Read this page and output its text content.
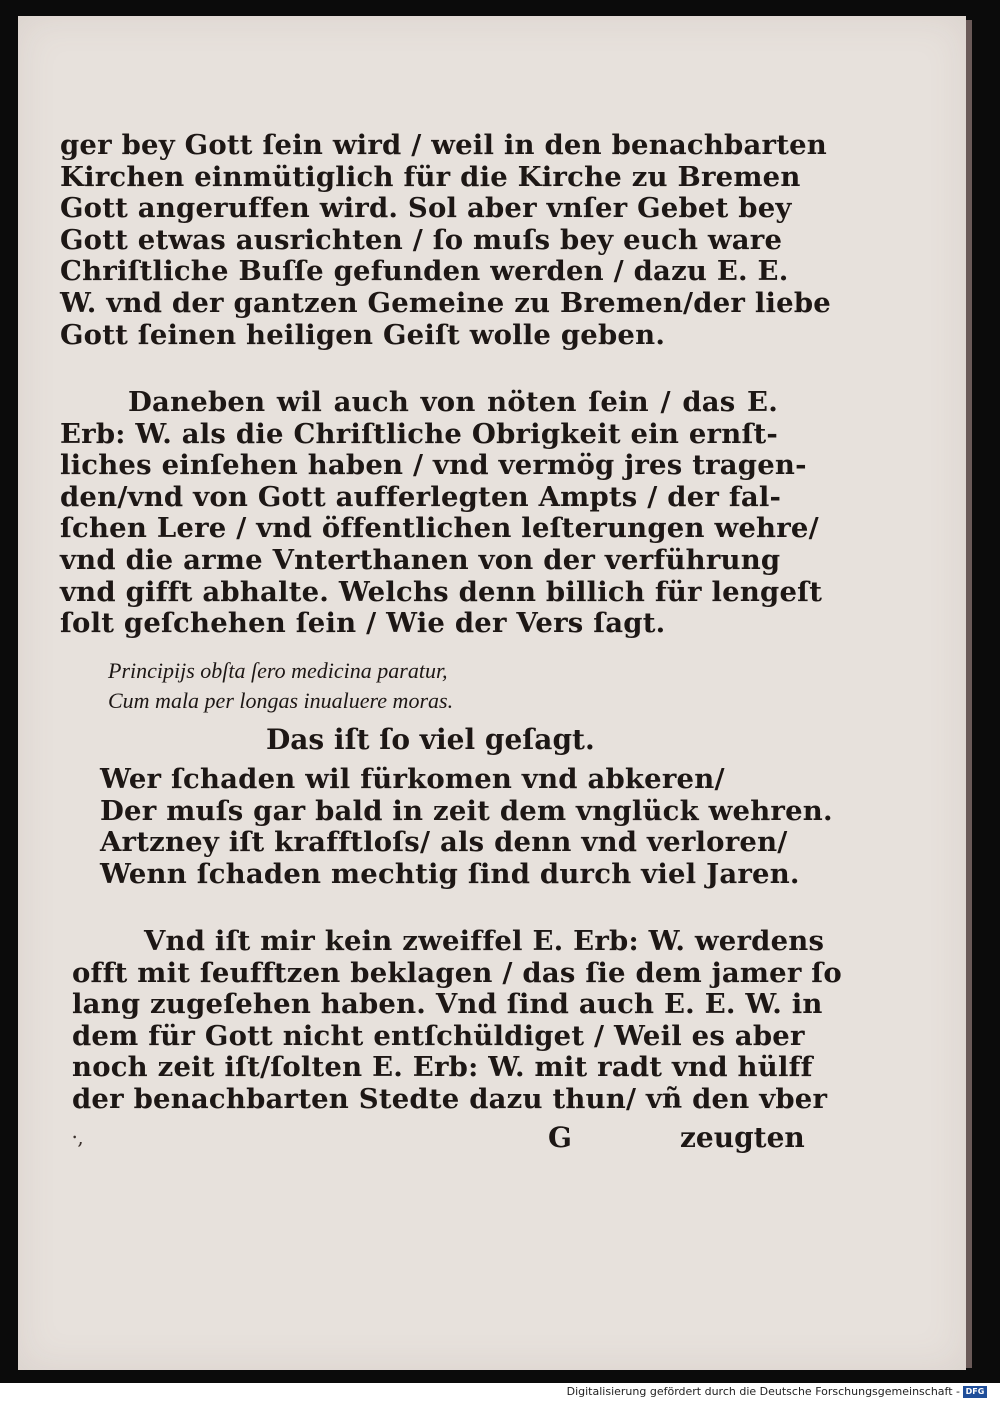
ger bey Gott ſein wird / weil in den benachbarten
Kirchen einmütiglich für die Kirche zu Bremen
Gott angeruffen wird. Sol aber vnſer Gebet bey
Gott etwas ausrichten / ſo muſs bey euch ware
Chriſtliche Buſſe gefunden werden / dazu E. E.
W. vnd der gantzen Gemeine zu Bremen/der liebe
Gott ſeinen heiligen Geiſt wolle geben.
Daneben wil auch von nöten ſein / das E.
Erb: W. als die Chriſtliche Obrigkeit ein ernſt-
liches einſehen haben / vnd vermög jres tragen-
den/vnd von Gott aufferlegten Ampts / der fal-
ſchen Lere / vnd öffentlichen leſterungen wehre/
vnd die arme Vnterthanen von der verführung
vnd gifft abhalte. Welchs denn billich für lengeſt
ſolt geſchehen ſein / Wie der Vers ſagt.
Principijs obſta ſero medicina paratur,
Cum mala per longas inualuere moras.
Das iſt ſo viel geſagt.
Wer ſchaden wil fürkomen vnd abkeren/
Der muſs gar bald in zeit dem vnglück wehren.
Artzney iſt krafftloſs/ als denn vnd verloren/
Wenn ſchaden mechtig ſind durch viel Jaren.
Vnd iſt mir kein zweiffel E. Erb: W. werdens
offt mit ſeufftzen beklagen / das ſie dem jamer ſo
lang zugeſehen haben. Vnd ſind auch E. E. W. in
dem für Gott nicht entſchüldiget / Weil es aber
noch zeit iſt/ſolten E. Erb: W. mit radt vnd hülff
der benachbarten Stedte dazu thun/ vñ den vber
⸱,	G	zeugten
Digitalisierung gefördert durch die Deutsche Forschungsgemeinschaft - DFG
